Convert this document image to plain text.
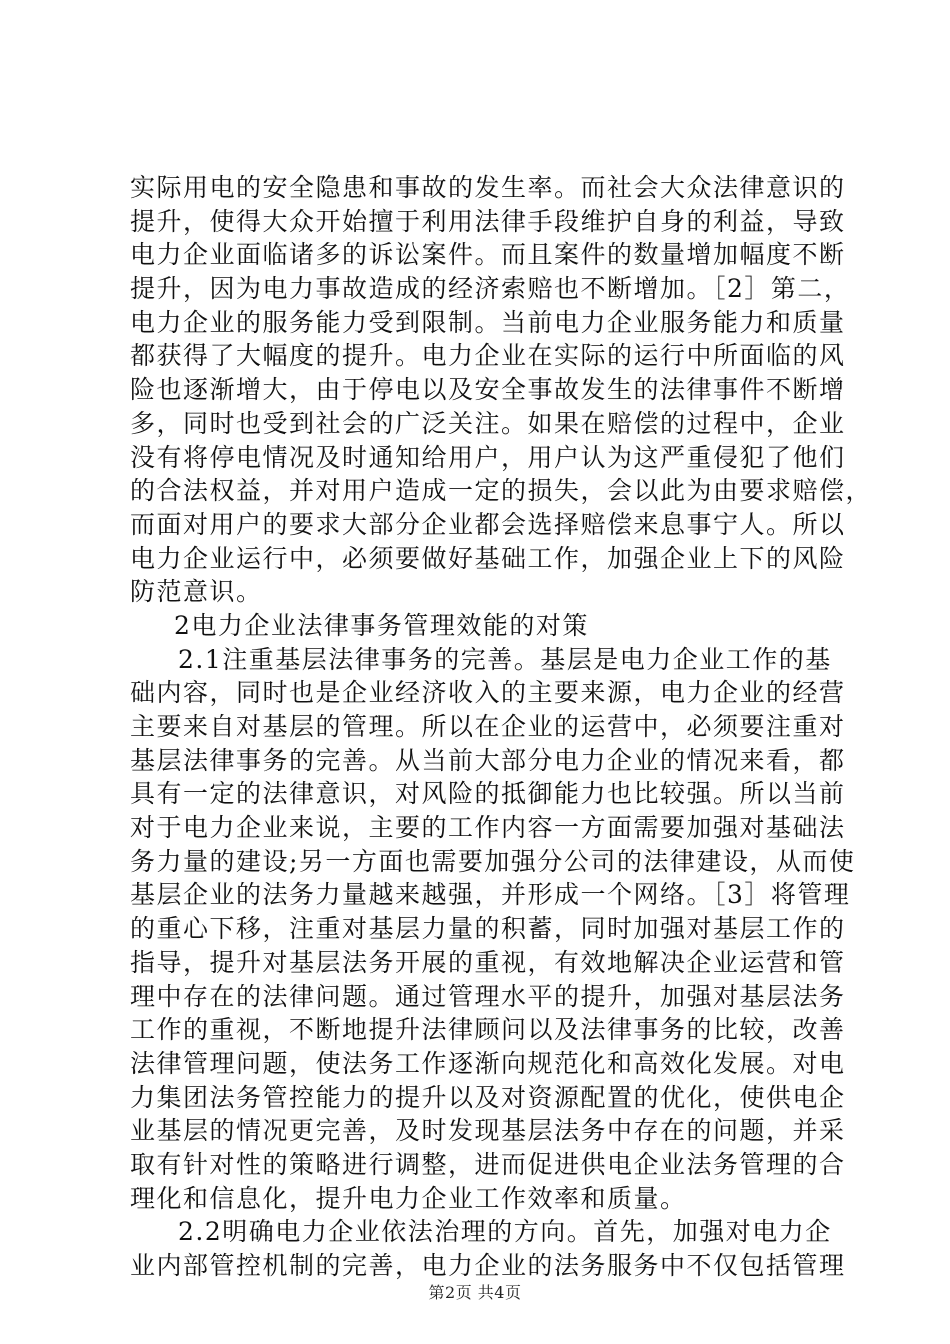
实际用电的安全隐患和事故的发生率。而社会大众法律意识的
提升，使得大众开始擅于利用法律手段维护自身的利益，导致
电力企业面临诸多的诉讼案件。而且案件的数量增加幅度不断
提升，因为电力事故造成的经济索赔也不断增加。［2］第二，
电力企业的服务能力受到限制。当前电力企业服务能力和质量
都获得了大幅度的提升。电力企业在实际的运行中所面临的风
险也逐渐增大，由于停电以及安全事故发生的法律事件不断增
多，同时也受到社会的广泛关注。如果在赔偿的过程中，企业
没有将停电情况及时通知给用户，用户认为这严重侵犯了他们
的合法权益，并对用户造成一定的损失，会以此为由要求赔偿，
而面对用户的要求大部分企业都会选择赔偿来息事宁人。所以
电力企业运行中，必须要做好基础工作，加强企业上下的风险
防范意识。
2电力企业法律事务管理效能的对策
2.1注重基层法律事务的完善。基层是电力企业工作的基
础内容，同时也是企业经济收入的主要来源，电力企业的经营
主要来自对基层的管理。所以在企业的运营中，必须要注重对
基层法律事务的完善。从当前大部分电力企业的情况来看，都
具有一定的法律意识，对风险的抵御能力也比较强。所以当前
对于电力企业来说，主要的工作内容一方面需要加强对基础法
务力量的建设;另一方面也需要加强分公司的法律建设，从而使
基层企业的法务力量越来越强，并形成一个网络。［3］将管理
的重心下移，注重对基层力量的积蓄，同时加强对基层工作的
指导，提升对基层法务开展的重视，有效地解决企业运营和管
理中存在的法律问题。通过管理水平的提升，加强对基层法务
工作的重视，不断地提升法律顾问以及法律事务的比较，改善
法律管理问题，使法务工作逐渐向规范化和高效化发展。对电
力集团法务管控能力的提升以及对资源配置的优化，使供电企
业基层的情况更完善，及时发现基层法务中存在的问题，并采
取有针对性的策略进行调整，进而促进供电企业法务管理的合
理化和信息化，提升电力企业工作效率和质量。
2.2明确电力企业依法治理的方向。首先，加强对电力企
业内部管控机制的完善，电力企业的法务服务中不仅包括管理
第2页 共4页
